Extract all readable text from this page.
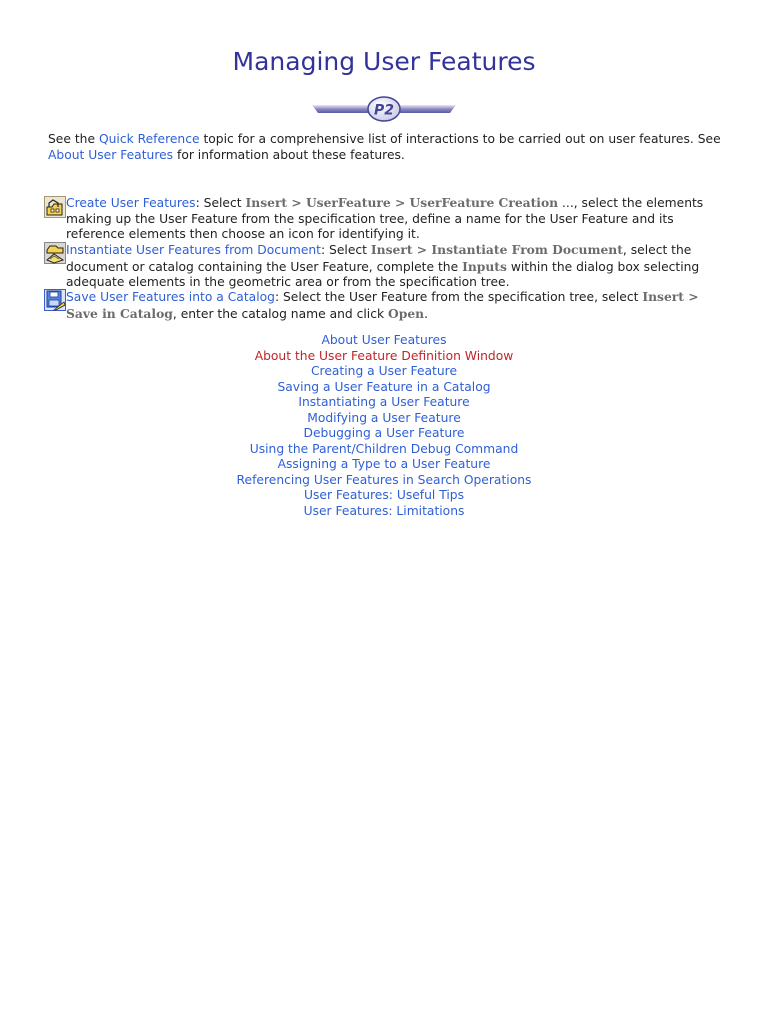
Managing User Features
P2

See the Quick Reference topic for a comprehensive list of interactions to be carried out on user features. See About User Features for information about these features.

Create User Features: Select Insert > UserFeature > UserFeature Creation ..., select the elements making up the User Feature from the specification tree, define a name for the User Feature and its reference elements then choose an icon for identifying it.

Instantiate User Features from Document: Select Insert > Instantiate From Document, select the document or catalog containing the User Feature, complete the Inputs within the dialog box selecting adequate elements in the geometric area or from the specification tree.

Save User Features into a Catalog: Select the User Feature from the specification tree, select Insert > Save in Catalog, enter the catalog name and click Open.

About User Features
About the User Feature Definition Window
Creating a User Feature
Saving a User Feature in a Catalog
Instantiating a User Feature
Modifying a User Feature
Debugging a User Feature
Using the Parent/Children Debug Command
Assigning a Type to a User Feature
Referencing User Features in Search Operations
User Features: Useful Tips
User Features: Limitations
